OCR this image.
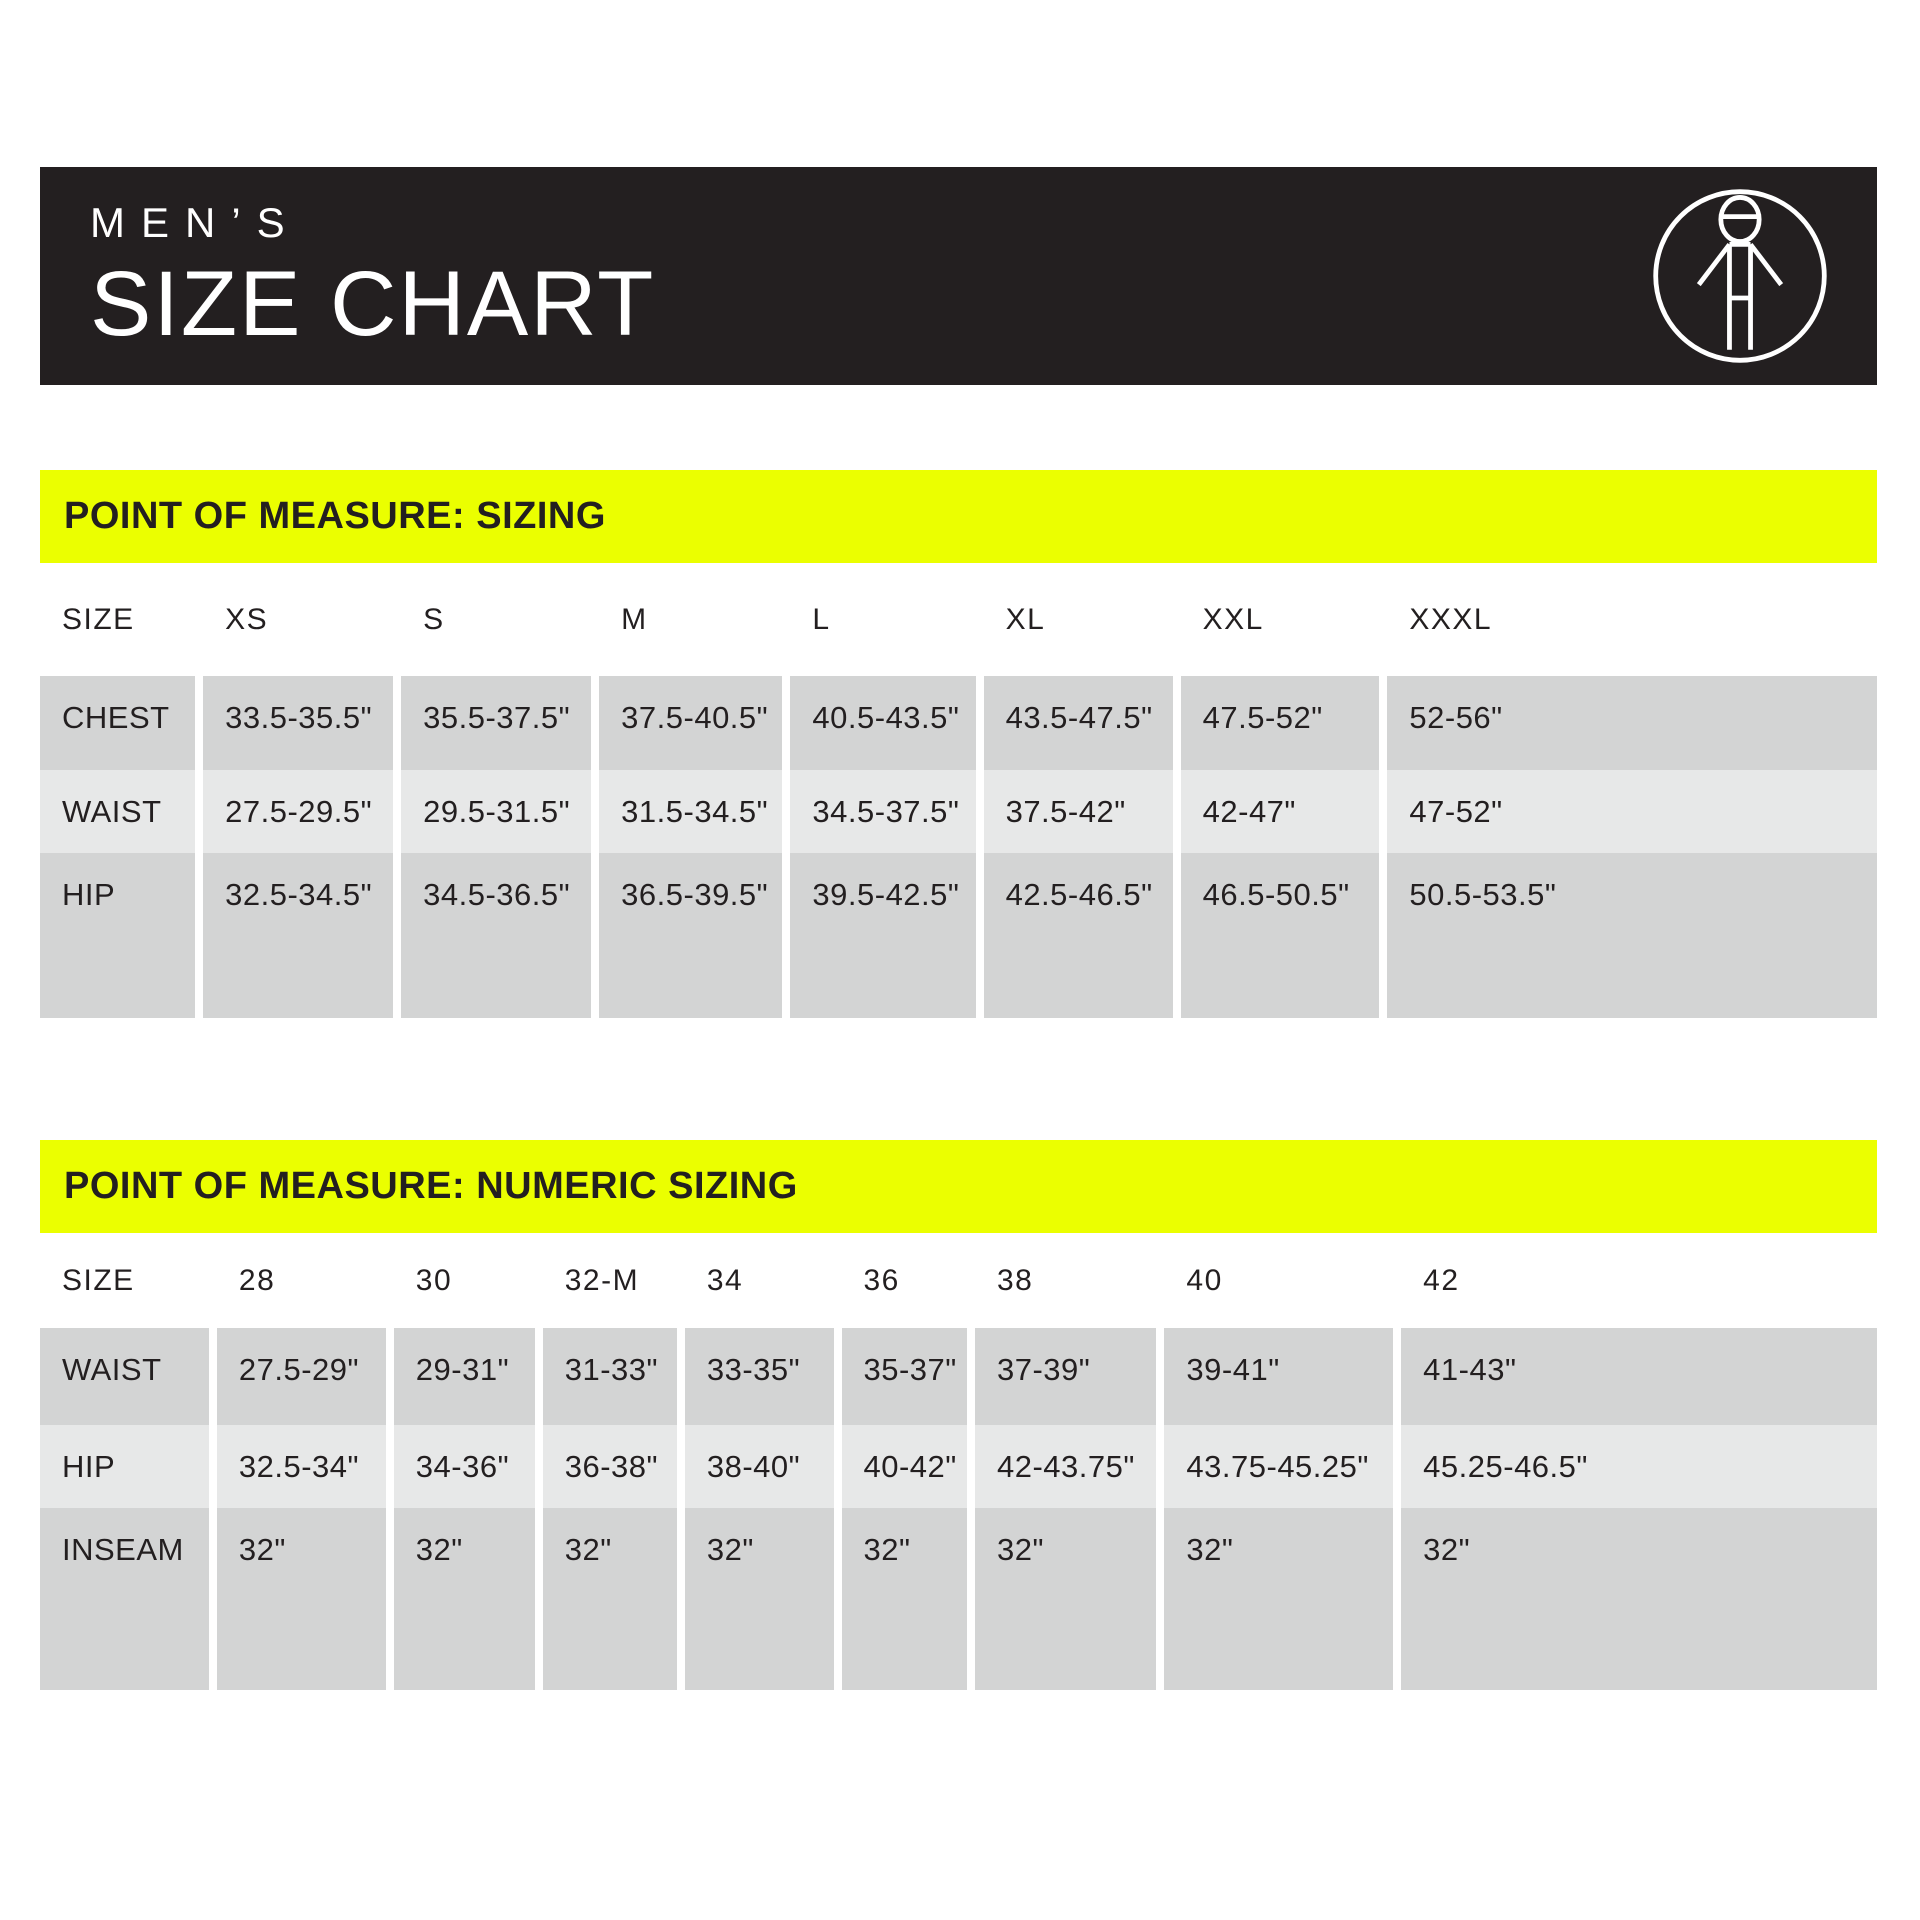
MEN’S
SIZE CHART
POINT OF MEASURE: SIZING
SIZE	XS	S	M	L	XL	XXL	XXXL
CHEST	33.5-35.5"	35.5-37.5"	37.5-40.5"	40.5-43.5"	43.5-47.5"	47.5-52"	52-56"
WAIST	27.5-29.5"	29.5-31.5"	31.5-34.5"	34.5-37.5"	37.5-42"	42-47"	47-52"
HIP	32.5-34.5"	34.5-36.5"	36.5-39.5"	39.5-42.5"	42.5-46.5"	46.5-50.5"	50.5-53.5"
POINT OF MEASURE: NUMERIC SIZING
SIZE	28	30	32-M	34	36	38	40	42
WAIST	27.5-29"	29-31"	31-33"	33-35"	35-37"	37-39"	39-41"	41-43"
HIP	32.5-34"	34-36"	36-38"	38-40"	40-42"	42-43.75"	43.75-45.25"	45.25-46.5"
INSEAM	32"	32"	32"	32"	32"	32"	32"	32"
